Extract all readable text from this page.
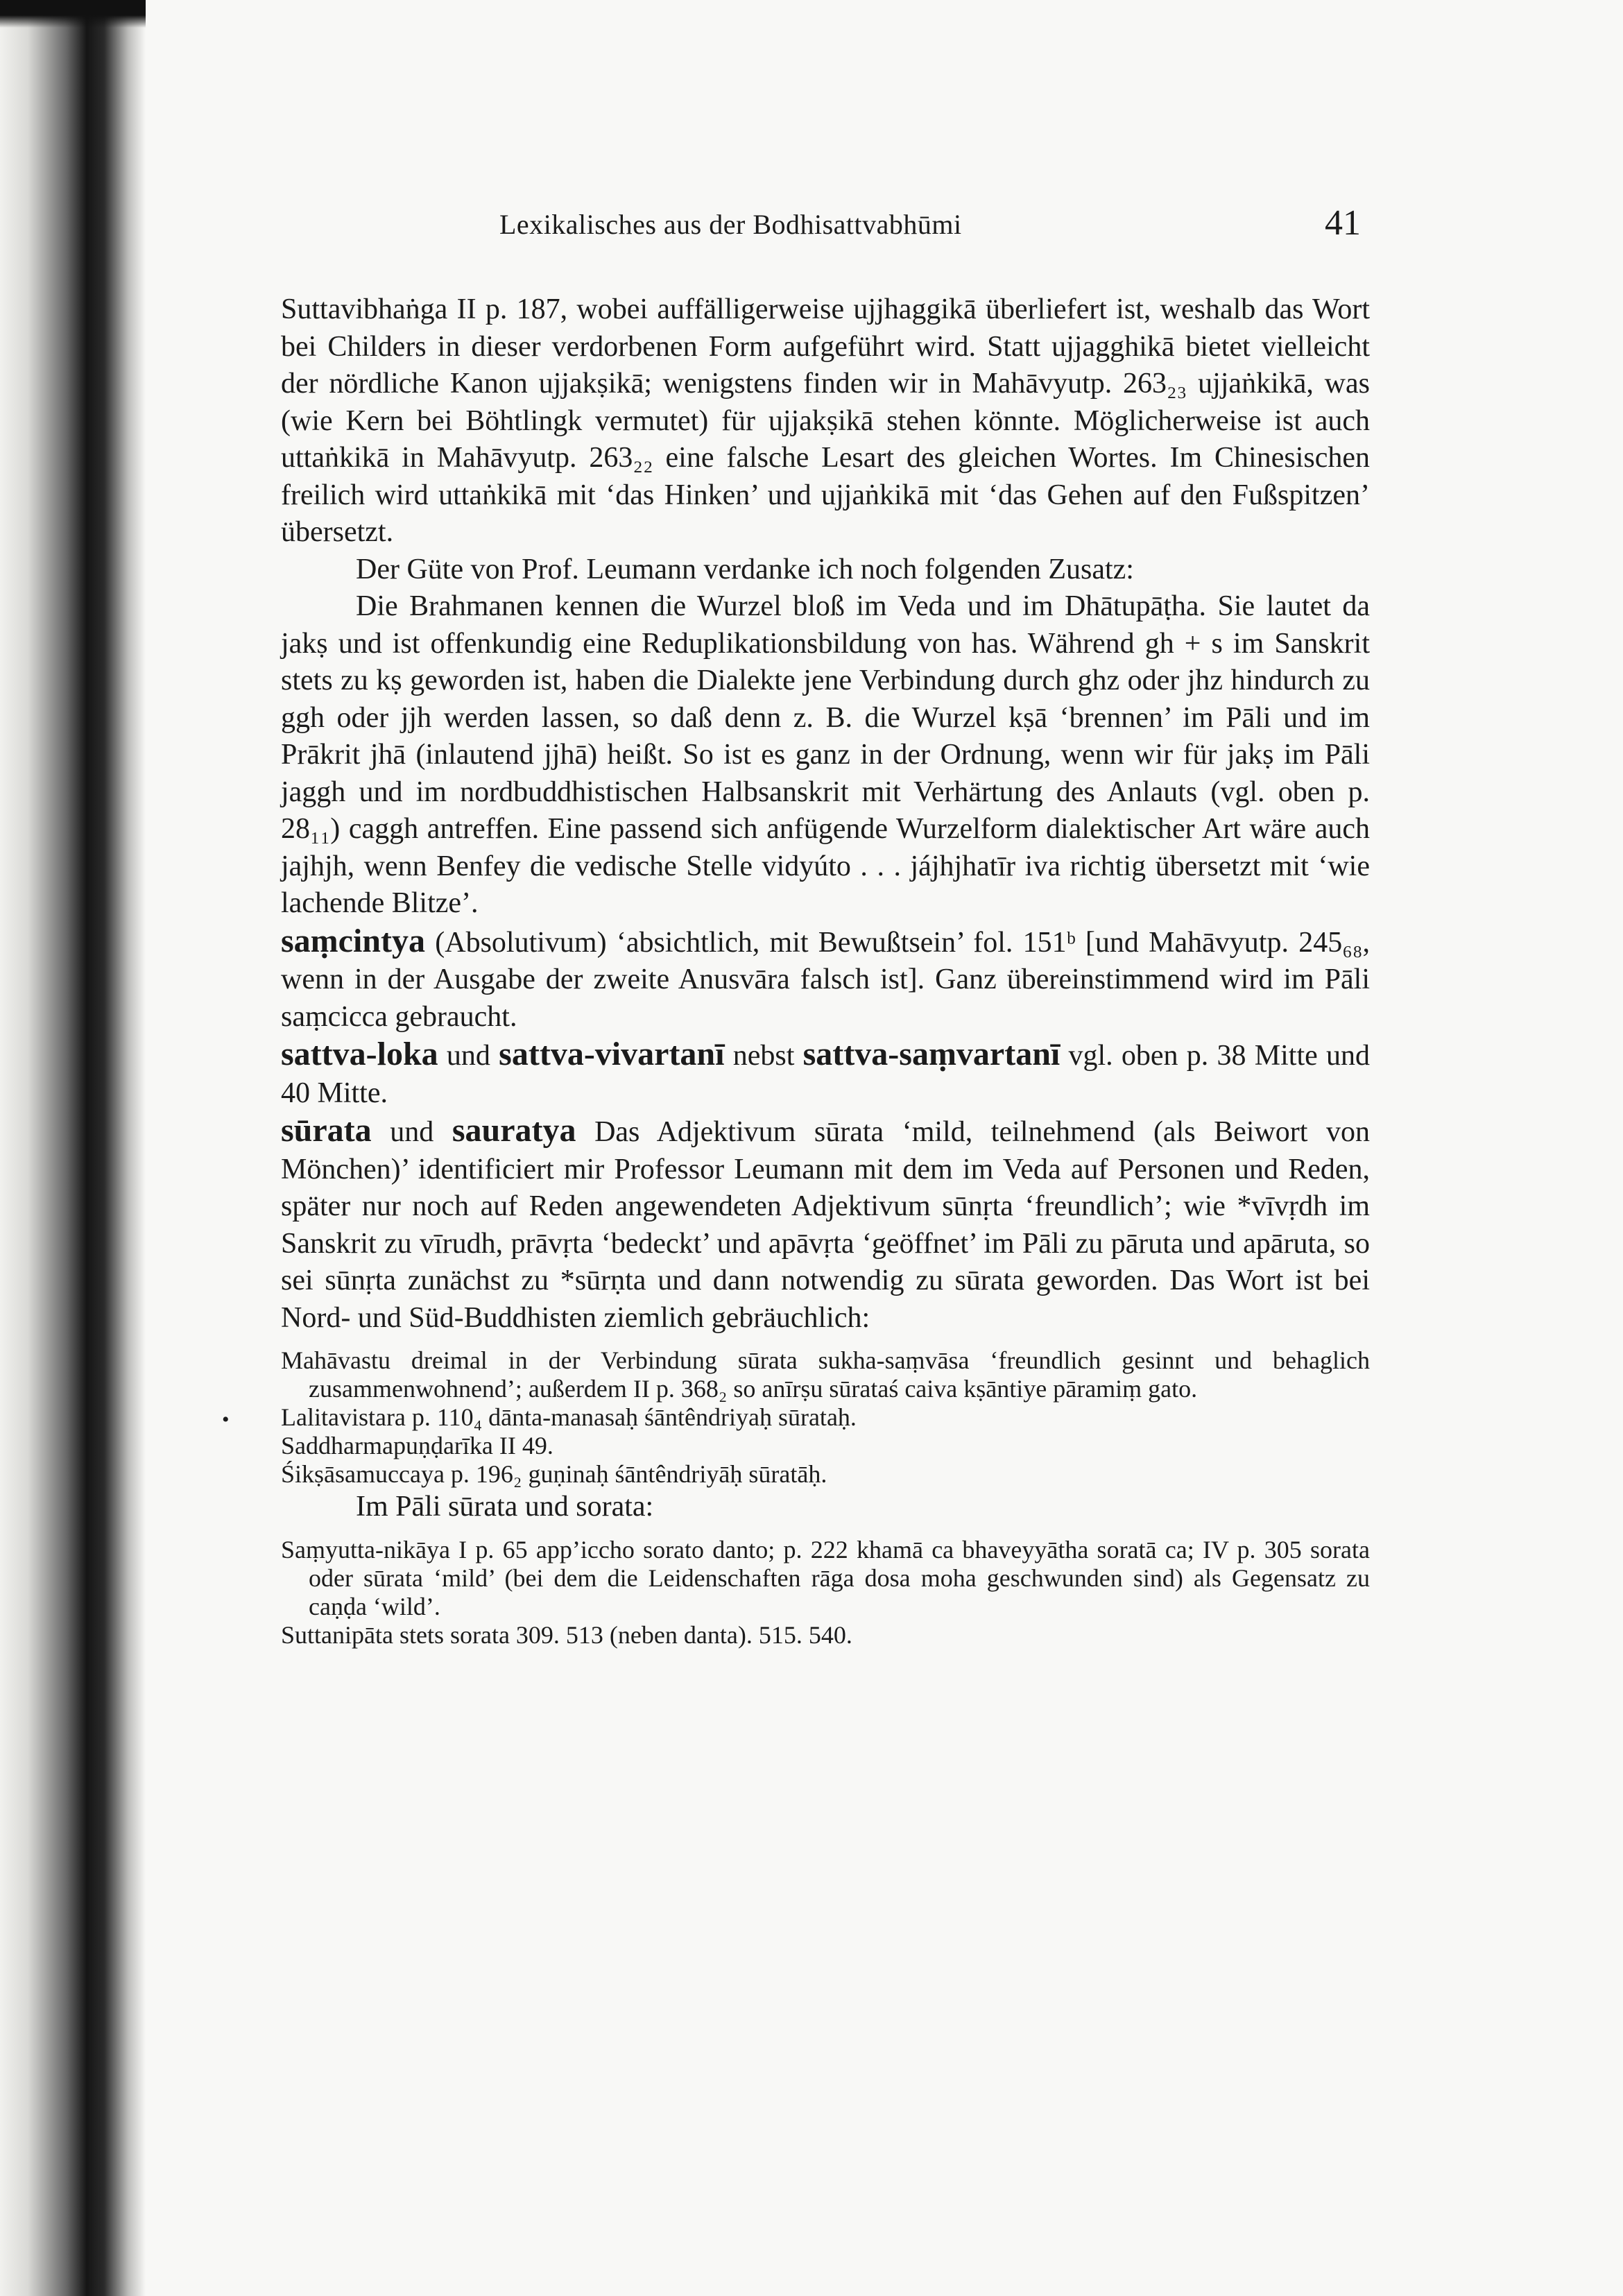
Lexikalisches aus der Bodhisattvabhūmi	41
•

Suttavibhaṅga II p. 187, wobei auffälligerweise ujjhaggikā überliefert ist, weshalb das Wort bei Childers in dieser verdorbenen Form aufgeführt wird. Statt ujjagghikā bietet vielleicht der nördliche Kanon ujjakṣikā; wenigstens finden wir in Mahāvyutp. 263₂₃ ujjaṅkikā, was (wie Kern bei Böhtlingk vermutet) für ujjakṣikā stehen könnte. Möglicherweise ist auch uttaṅkikā in Mahāvyutp. 263₂₂ eine falsche Lesart des gleichen Wortes. Im Chinesischen freilich wird uttaṅkikā mit ‘das Hinken’ und ujjaṅkikā mit ‘das Gehen auf den Fußspitzen’ übersetzt.

Der Güte von Prof. Leumann verdanke ich noch folgenden Zusatz:

Die Brahmanen kennen die Wurzel bloß im Veda und im Dhātupāṭha. Sie lautet da jakṣ und ist offenkundig eine Reduplikationsbildung von has. Während gh + s im Sanskrit stets zu kṣ geworden ist, haben die Dialekte jene Verbindung durch ghz oder jhz hindurch zu ggh oder jjh werden lassen, so daß denn z. B. die Wurzel kṣā ‘brennen’ im Pāli und im Prākrit jhā (inlautend jjhā) heißt. So ist es ganz in der Ordnung, wenn wir für jakṣ im Pāli jaggh und im nordbuddhistischen Halbsanskrit mit Verhärtung des Anlauts (vgl. oben p. 28₁₁) caggh antreffen. Eine passend sich anfügende Wurzelform dialektischer Art wäre auch jajhjh, wenn Benfey die vedische Stelle vidyúto . . . jájhjhatīr iva richtig übersetzt mit ‘wie lachende Blitze’.

saṃcintya (Absolutivum) ‘absichtlich, mit Bewußtsein’ fol. 151ᵇ [und Mahāvyutp. 245₆₈, wenn in der Ausgabe der zweite Anusvāra falsch ist]. Ganz übereinstimmend wird im Pāli saṃcicca gebraucht.

sattva-loka und sattva-vivartanī nebst sattva-saṃvartanī vgl. oben p. 38 Mitte und 40 Mitte.

sūrata und sauratya Das Adjektivum sūrata ‘mild, teilnehmend (als Beiwort von Mönchen)’ identificiert mir Professor Leumann mit dem im Veda auf Personen und Reden, später nur noch auf Reden angewendeten Adjektivum sūnṛta ‘freundlich’; wie *vīvṛdh im Sanskrit zu vīrudh, prāvṛta ‘bedeckt’ und apāvṛta ‘geöffnet’ im Pāli zu pāruta und apāruta, so sei sūnṛta zunächst zu *sūrṇta und dann notwendig zu sūrata geworden. Das Wort ist bei Nord- und Süd-Buddhisten ziemlich gebräuchlich:

Mahāvastu dreimal in der Verbindung sūrata sukha-saṃvāsa ‘freundlich gesinnt und behaglich zusammenwohnend’; außerdem II p. 368₂ so anīrṣu sūrataś caiva kṣāntiye pāramiṃ gato.

Lalitavistara p. 110₄ dānta-manasaḥ śāntêndriyaḥ sūrataḥ.

Saddharmapuṇḍarīka II 49.

Śikṣāsamuccaya p. 196₂ guṇinaḥ śāntêndriyāḥ sūratāḥ.

Im Pāli sūrata und sorata:

Saṃyutta-nikāya I p. 65 app’iccho sorato danto; p. 222 khamā ca bhaveyyātha soratā ca; IV p. 305 sorata oder sūrata ‘mild’ (bei dem die Leidenschaften rāga dosa moha geschwunden sind) als Gegensatz zu caṇḍa ‘wild’.

Suttanipāta stets sorata 309. 513 (neben danta). 515. 540.
